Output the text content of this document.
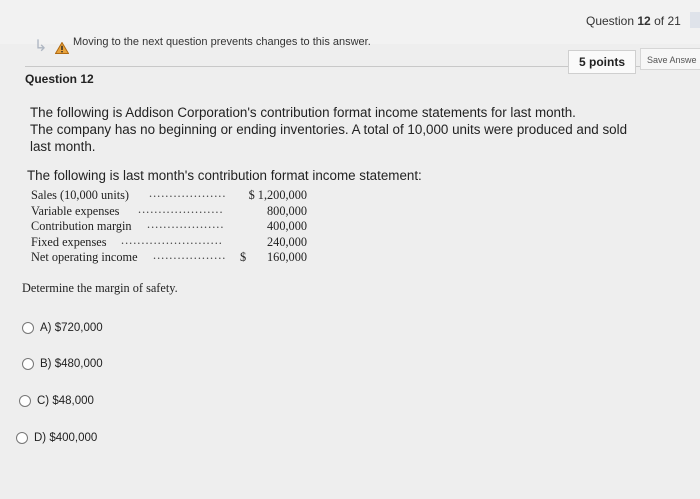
↳ Moving to the next question prevents changes to this answer.
Question 12 of 21
5 points	Save Answe
Question 12

The following is Addison Corporation's contribution format income statements for last month.

The company has no beginning or ending inventories. A total of 10,000 units were produced and sold

last month.

The following is last month's contribution format income statement:
Sales (10,000 units) ................... $ 1,200,000
Variable expenses .....................	800,000
Contribution margin ...................	400,000
Fixed expenses .........................	240,000
Net operating income .................. $	160,000
Determine the margin of safety.
A) $720,000
B) $480,000
C) $48,000
D) $400,000
